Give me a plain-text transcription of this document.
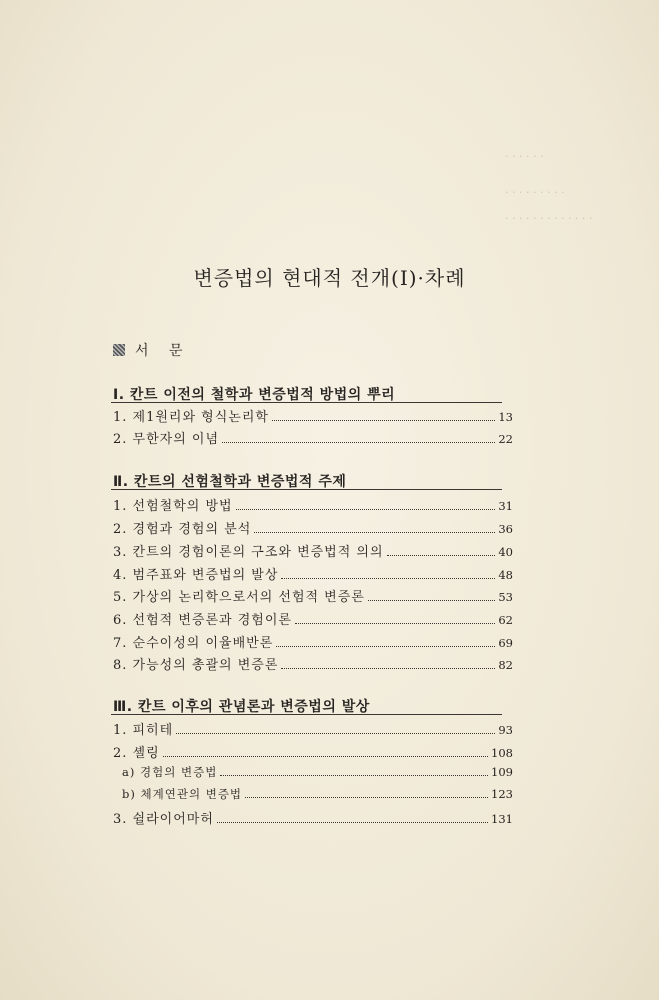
· · · · · ·
· · · · · · · · ·
· · · · · · · · · · · · ·
변증법의 현대적 전개(Ⅰ)·차례
서 문
Ⅰ. 칸트 이전의 철학과 변증법적 방법의 뿌리
1. 제1원리와 형식논리학	13
2. 무한자의 이념	22
Ⅱ. 칸트의 선험철학과 변증법적 주제
1. 선험철학의 방법	31
2. 경험과 경험의 분석	36
3. 칸트의 경험이론의 구조와 변증법적 의의	40
4. 범주표와 변증법의 발상	48
5. 가상의 논리학으로서의 선험적 변증론	53
6. 선험적 변증론과 경험이론	62
7. 순수이성의 이율배반론	69
8. 가능성의 총괄의 변증론	82
Ⅲ. 칸트 이후의 관념론과 변증법의 발상
1. 피히테	93
2. 셸링	108
a) 경험의 변증법	109
b) 체계연관의 변증법	123
3. 쉴라이어마허	131
